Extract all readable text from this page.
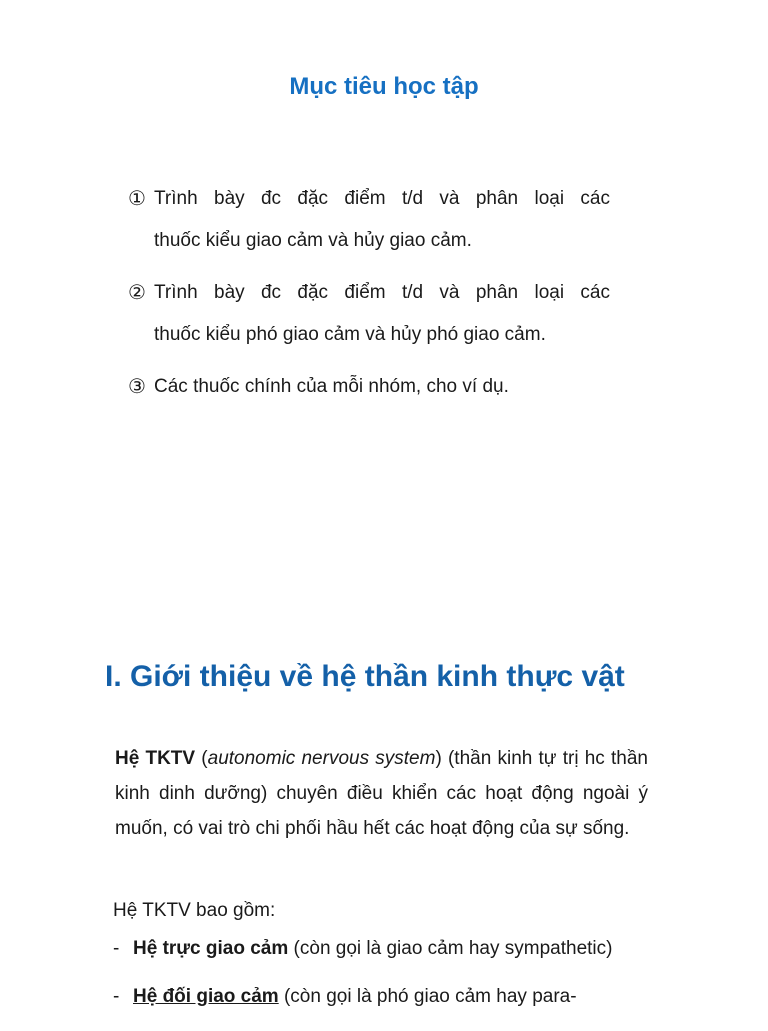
Mục tiêu học tập
① Trình bày đc đặc điểm t/d và phân loại các
thuốc kiểu giao cảm và hủy giao cảm.
② Trình bày đc đặc điểm t/d và phân loại các
thuốc kiểu phó giao cảm và hủy phó giao cảm.
③ Các thuốc chính của mỗi nhóm, cho ví dụ.
I. Giới thiệu về hệ thần kinh thực vật
Hệ TKTV (autonomic nervous system) (thần kinh tự trị hc thần kinh dinh dưỡng) chuyên điều khiển các hoạt động ngoài ý muốn, có vai trò chi phối hầu hết các hoạt động của sự sống.
Hệ TKTV bao gồm:
- Hệ trực giao cảm (còn gọi là giao cảm hay sympathetic)
- Hệ đối giao cảm (còn gọi là phó giao cảm hay para-
